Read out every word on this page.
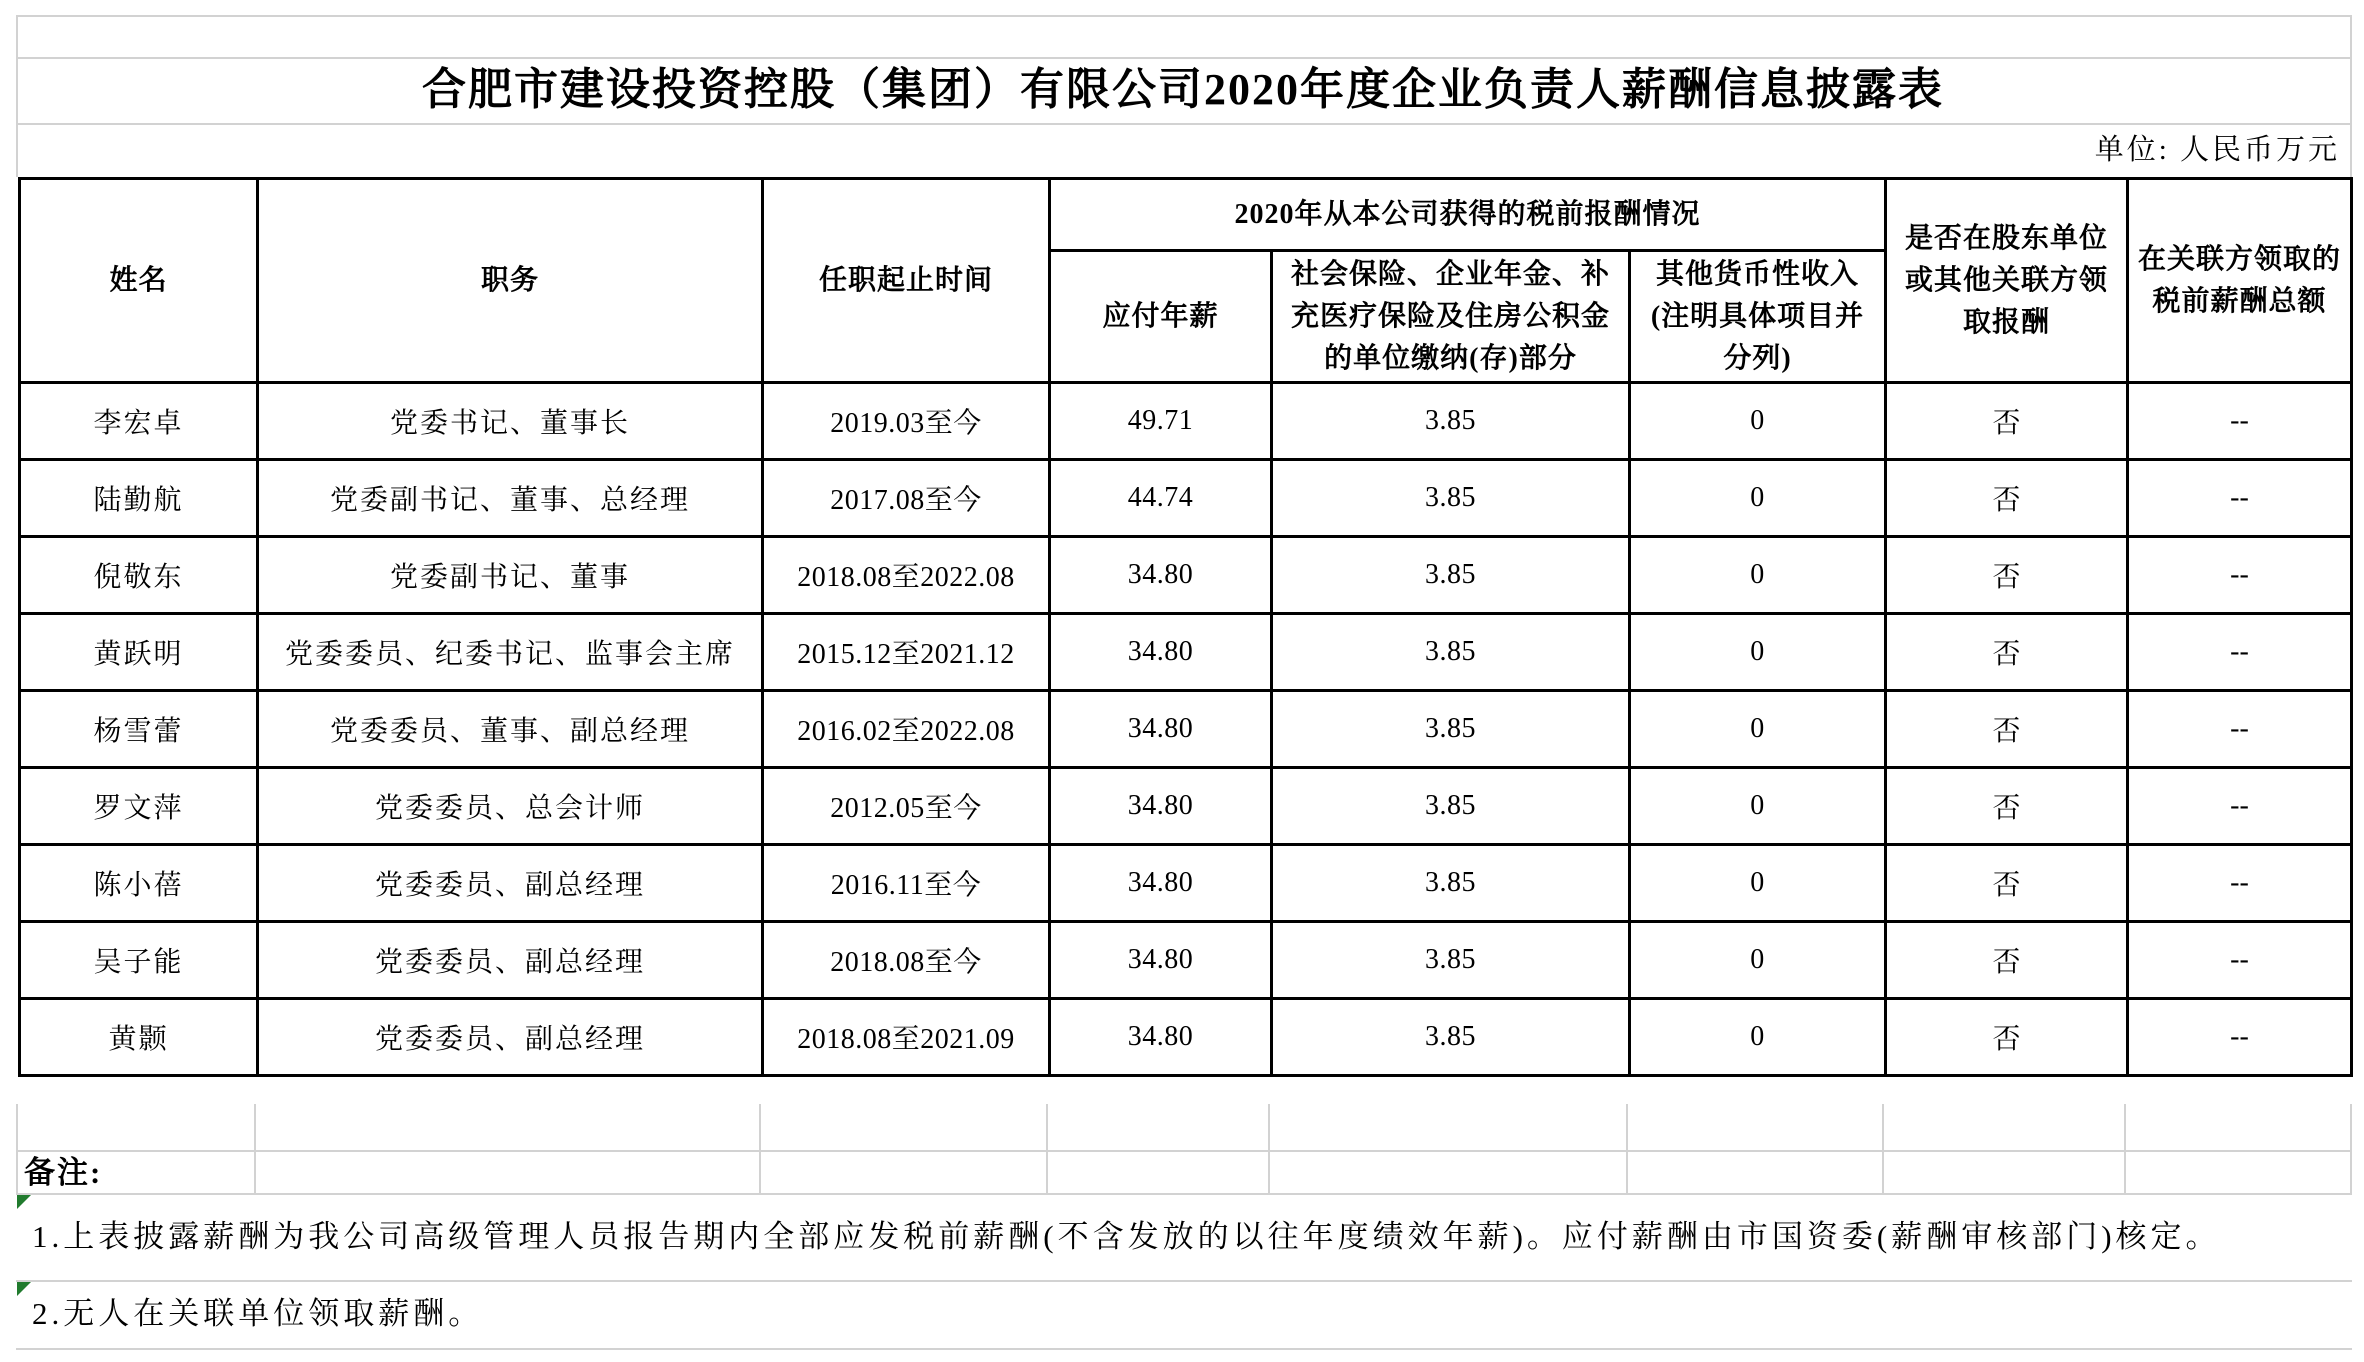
合肥市建设投资控股（集团）有限公司2020年度企业负责人薪酬信息披露表
单位: 人民币万元
姓名	职务	任职起止时间	2020年从本公司获得的税前报酬情况			是否在股东单位或其他关联方领取报酬	在关联方领取的税前薪酬总额
			应付年薪	社会保险、企业年金、补充医疗保险及住房公积金的单位缴纳(存)部分	其他货币性收入(注明具体项目并分列)		
李宏卓	党委书记、董事长	2019.03至今	49.71	3.85	0	否	--
陆勤航	党委副书记、董事、总经理	2017.08至今	44.74	3.85	0	否	--
倪敬东	党委副书记、董事	2018.08至2022.08	34.80	3.85	0	否	--
黄跃明	党委委员、纪委书记、监事会主席	2015.12至2021.12	34.80	3.85	0	否	--
杨雪蕾	党委委员、董事、副总经理	2016.02至2022.08	34.80	3.85	0	否	--
罗文萍	党委委员、总会计师	2012.05至今	34.80	3.85	0	否	--
陈小蓓	党委委员、副总经理	2016.11至今	34.80	3.85	0	否	--
吴子能	党委委员、副总经理	2018.08至今	34.80	3.85	0	否	--
黄颢	党委委员、副总经理	2018.08至2021.09	34.80	3.85	0	否	--
备注:
1.上表披露薪酬为我公司高级管理人员报告期内全部应发税前薪酬(不含发放的以往年度绩效年薪)。应付薪酬由市国资委(薪酬审核部门)核定。
2.无人在关联单位领取薪酬。
